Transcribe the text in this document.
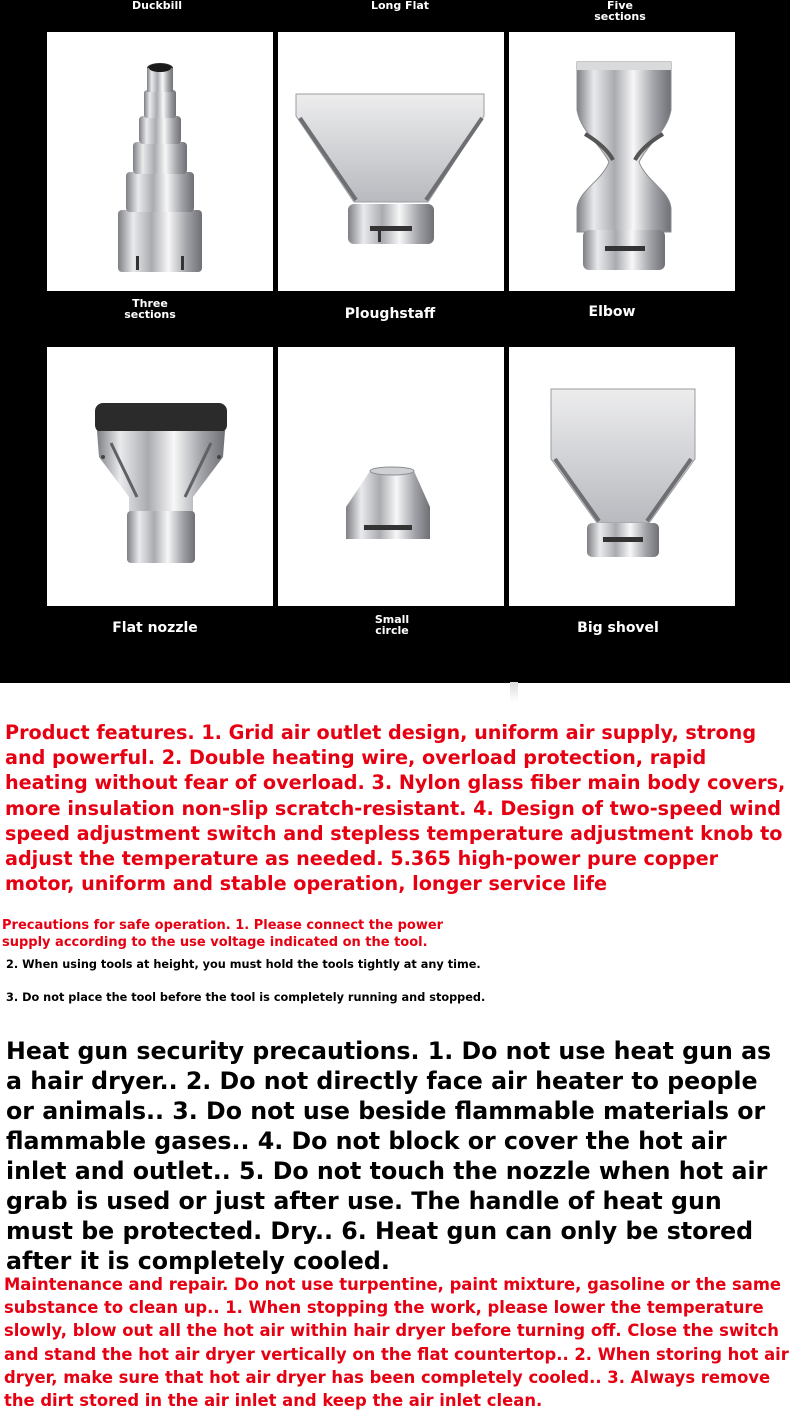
Duckbill	Long Flat	Five
sections
Three
sections	Ploughstaff	Elbow
Flat nozzle
Small
circle	Big shovel

Product features. 1. Grid air outlet design, uniform air supply, strong and powerful. 2. Double heating wire, overload protection, rapid heating without fear of overload. 3. Nylon glass fiber main body covers, more insulation non-slip scratch-resistant. 4. Design of two-speed wind speed adjustment switch and stepless temperature adjustment knob to adjust the temperature as needed. 5.365 high-power pure copper motor, uniform and stable operation, longer service life

Precautions for safe operation. 1. Please connect the power supply according to the use voltage indicated on the tool.

2. When using tools at height, you must hold the tools tightly at any time.

3. Do not place the tool before the tool is completely running and stopped.

Heat gun security precautions. 1. Do not use heat gun as a hair dryer.. 2. Do not directly face air heater to people or animals.. 3. Do not use beside flammable materials or flammable gases.. 4. Do not block or cover the hot air inlet and outlet.. 5. Do not touch the nozzle when hot air grab is used or just after use. The handle of heat gun must be protected. Dry.. 6. Heat gun can only be stored after it is completely cooled.

Maintenance and repair. Do not use turpentine, paint mixture, gasoline or the same substance to clean up.. 1. When stopping the work, please lower the temperature slowly, blow out all the hot air within hair dryer before turning off. Close the switch and stand the hot air dryer vertically on the flat countertop.. 2. When storing hot air dryer, make sure that hot air dryer has been completely cooled.. 3. Always remove the dirt stored in the air inlet and keep the air inlet clean.
